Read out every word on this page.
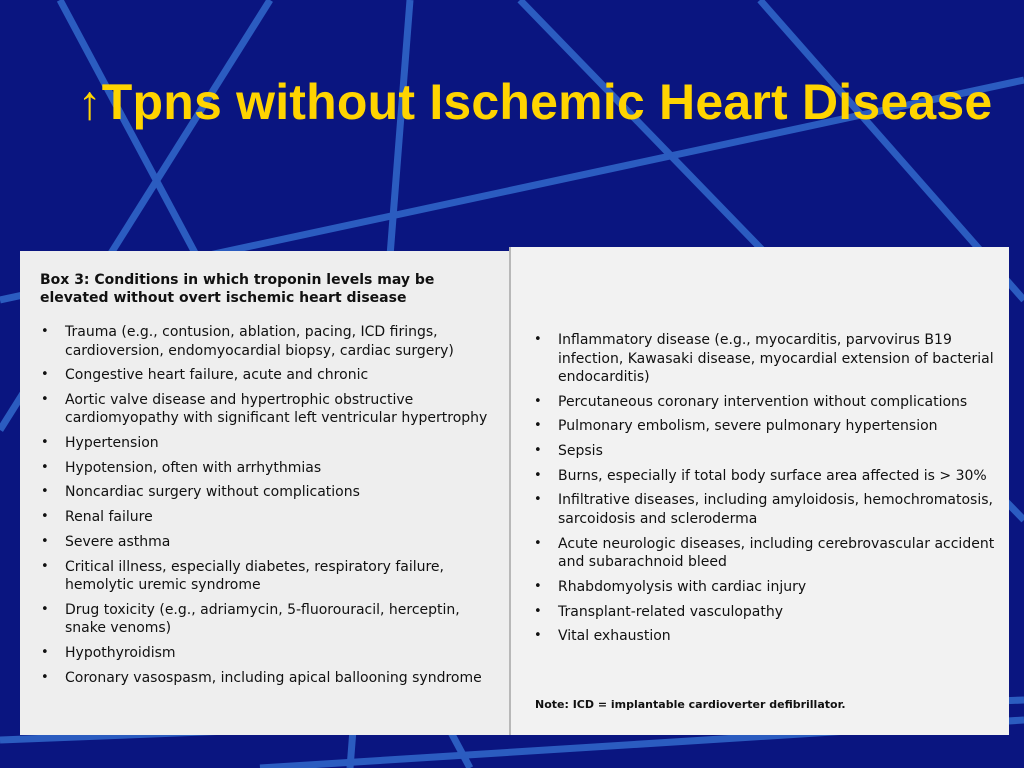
↑Tpns without Ischemic Heart Disease
Box 3: Conditions in which troponin levels may be elevated without overt ischemic heart disease
• Trauma (e.g., contusion, ablation, pacing, ICD firings, cardioversion, endomyocardial biopsy, cardiac surgery)
• Congestive heart failure, acute and chronic
• Aortic valve disease and hypertrophic obstructive cardiomyopathy with significant left ventricular hypertrophy
• Hypertension
• Hypotension, often with arrhythmias
• Noncardiac surgery without complications
• Renal failure
• Severe asthma
• Critical illness, especially diabetes, respiratory failure, hemolytic uremic syndrome
• Drug toxicity (e.g., adriamycin, 5-fluorouracil, herceptin, snake venoms)
• Hypothyroidism
• Coronary vasospasm, including apical ballooning syndrome
• Inflammatory disease (e.g., myocarditis, parvovirus B19 infection, Kawasaki disease, myocardial extension of bacterial endocarditis)
• Percutaneous coronary intervention without complications
• Pulmonary embolism, severe pulmonary hypertension
• Sepsis
• Burns, especially if total body surface area affected is > 30%
• Infiltrative diseases, including amyloidosis, hemochromatosis, sarcoidosis and scleroderma
• Acute neurologic diseases, including cerebrovascular accident and subarachnoid bleed
• Rhabdomyolysis with cardiac injury
• Transplant-related vasculopathy
• Vital exhaustion
Note: ICD = implantable cardioverter defibrillator.
